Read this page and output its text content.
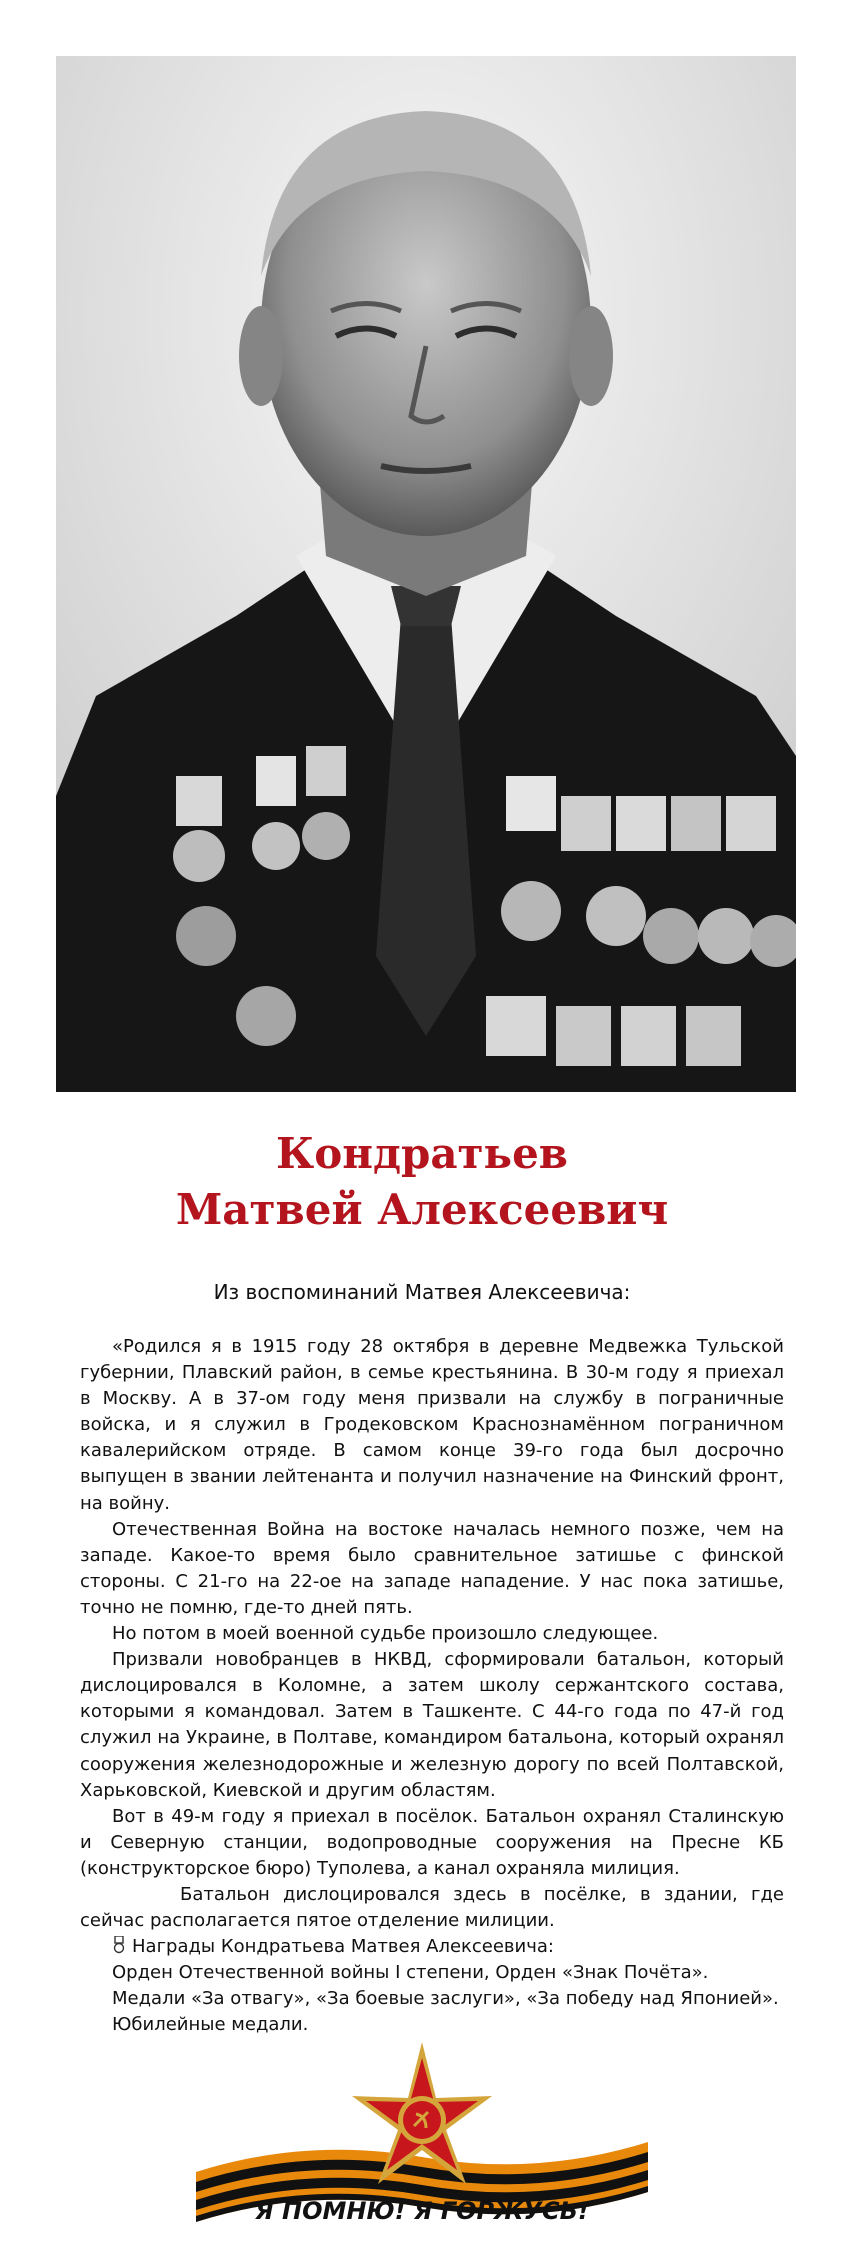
Кондратьев
Матвей Алексеевич
Из воспоминаний Матвея Алексеевича:

«Родился я в 1915 году 28 октября в деревне Медвежка Тульской губернии, Плавский район, в семье крестьянина. В 30-м году я приехал в Москву. А в 37-ом году меня призвали на службу в пограничные войска, и я служил в Гродековском Краснознамённом пограничном кавалерийском отряде. В самом конце 39-го года был досрочно выпущен в звании лейтенанта и получил назначение на Финский фронт, на войну.

Отечественная Война на востоке началась немного позже, чем на западе. Какое-то время было сравнительное затишье с финской стороны. С 21-го на 22-ое на западе нападение. У нас пока затишье, точно не помню, где-то дней пять.

Но потом в моей военной судьбе произошло следующее.

Призвали новобранцев в НКВД, сформировали батальон, который дислоцировался в Коломне, а затем школу сержантского состава, которыми я командовал. Затем в Ташкенте. С 44-го года по 47-й год служил на Украине, в Полтаве, командиром батальона, который охранял сооружения железнодорожные и железную дорогу по всей Полтавской, Харьковской, Киевской и другим областям.

Вот в 49-м году я приехал в посёлок. Батальон охранял Сталинскую и Северную станции, водопроводные сооружения на Пресне КБ (конструкторское бюро) Туполева, а канал охраняла милиция.

Батальон дислоцировался здесь в посёлке, в здании, где сейчас располагается пятое отделение милиции.

Награды Кондратьева Матвея Алексеевича:
Орден Отечественной войны I степени, Орден «Знак Почёта».
Медали «За отвагу», «За боевые заслуги», «За победу над Японией».
Юбилейные медали.
Я ПОМНЮ! Я ГОРЖУСЬ!
